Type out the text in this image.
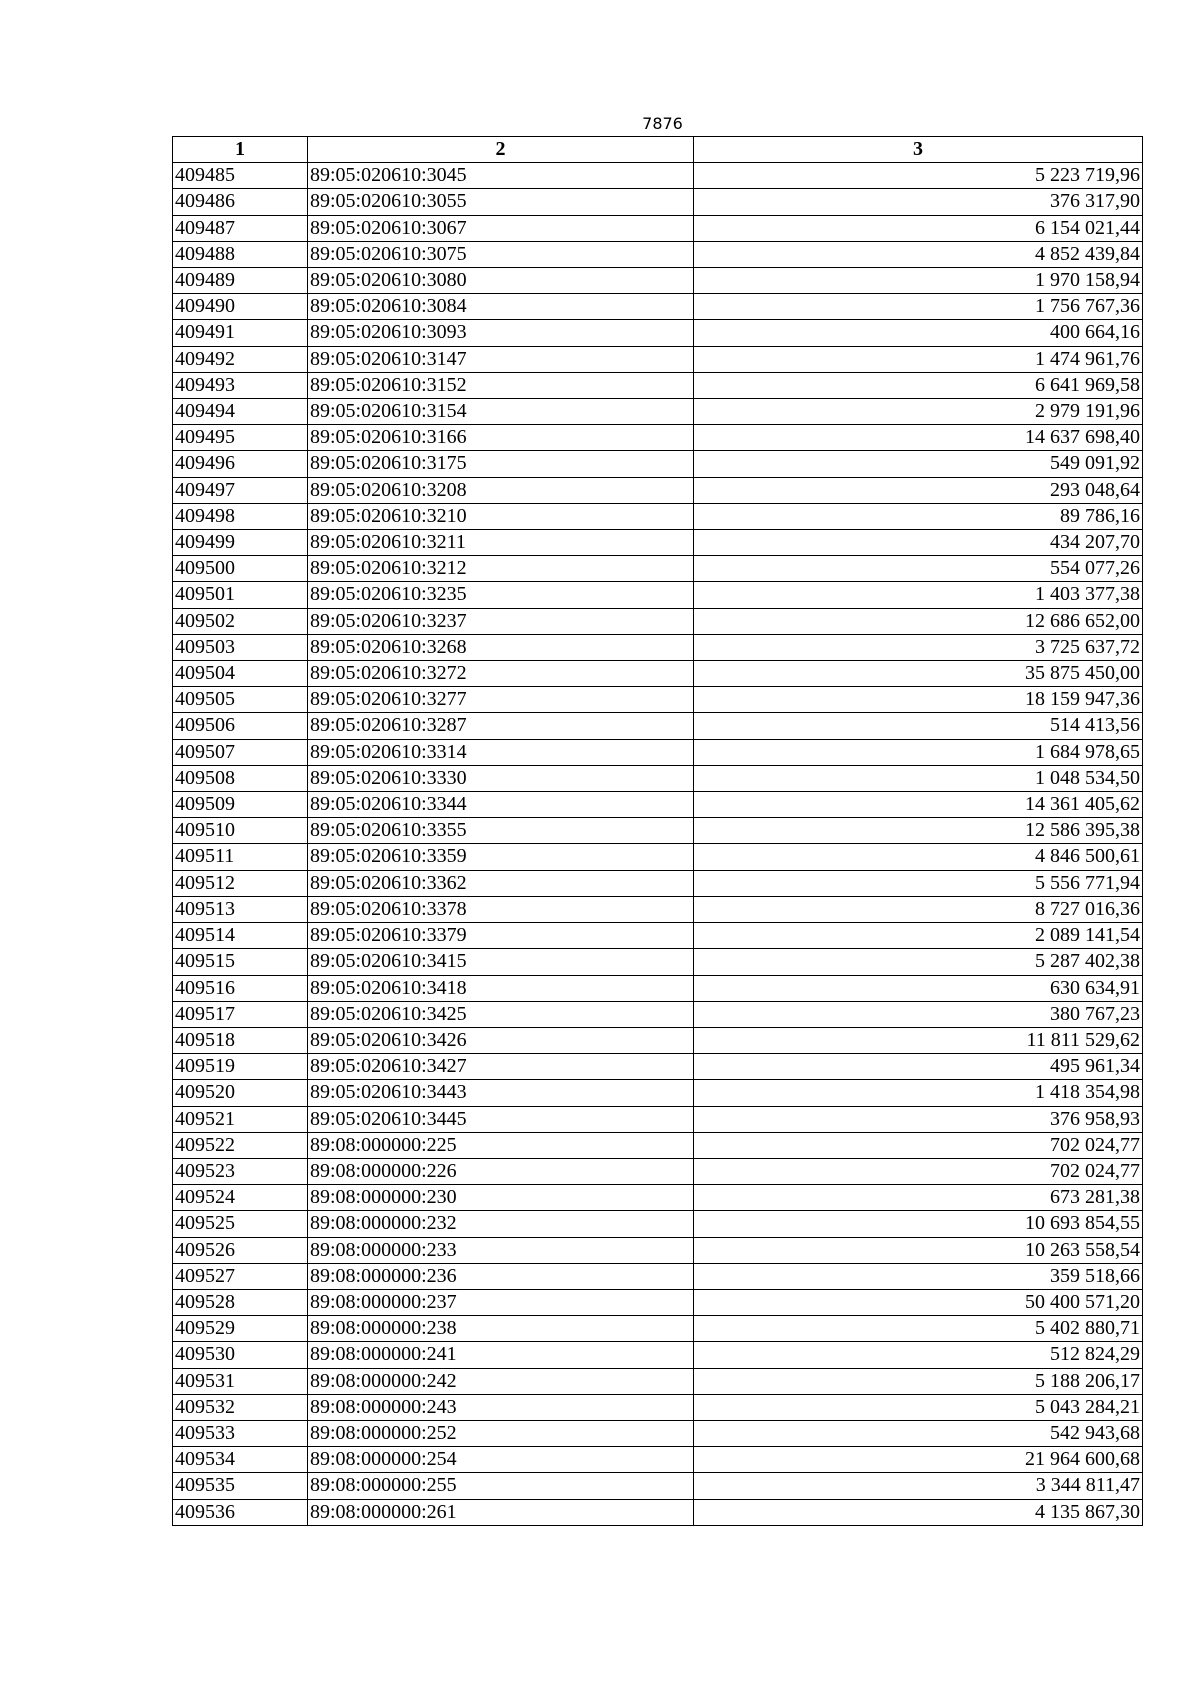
7876
1	2	3
409485	89:05:020610:3045	5 223 719,96
409486	89:05:020610:3055	376 317,90
409487	89:05:020610:3067	6 154 021,44
409488	89:05:020610:3075	4 852 439,84
409489	89:05:020610:3080	1 970 158,94
409490	89:05:020610:3084	1 756 767,36
409491	89:05:020610:3093	400 664,16
409492	89:05:020610:3147	1 474 961,76
409493	89:05:020610:3152	6 641 969,58
409494	89:05:020610:3154	2 979 191,96
409495	89:05:020610:3166	14 637 698,40
409496	89:05:020610:3175	549 091,92
409497	89:05:020610:3208	293 048,64
409498	89:05:020610:3210	89 786,16
409499	89:05:020610:3211	434 207,70
409500	89:05:020610:3212	554 077,26
409501	89:05:020610:3235	1 403 377,38
409502	89:05:020610:3237	12 686 652,00
409503	89:05:020610:3268	3 725 637,72
409504	89:05:020610:3272	35 875 450,00
409505	89:05:020610:3277	18 159 947,36
409506	89:05:020610:3287	514 413,56
409507	89:05:020610:3314	1 684 978,65
409508	89:05:020610:3330	1 048 534,50
409509	89:05:020610:3344	14 361 405,62
409510	89:05:020610:3355	12 586 395,38
409511	89:05:020610:3359	4 846 500,61
409512	89:05:020610:3362	5 556 771,94
409513	89:05:020610:3378	8 727 016,36
409514	89:05:020610:3379	2 089 141,54
409515	89:05:020610:3415	5 287 402,38
409516	89:05:020610:3418	630 634,91
409517	89:05:020610:3425	380 767,23
409518	89:05:020610:3426	11 811 529,62
409519	89:05:020610:3427	495 961,34
409520	89:05:020610:3443	1 418 354,98
409521	89:05:020610:3445	376 958,93
409522	89:08:000000:225	702 024,77
409523	89:08:000000:226	702 024,77
409524	89:08:000000:230	673 281,38
409525	89:08:000000:232	10 693 854,55
409526	89:08:000000:233	10 263 558,54
409527	89:08:000000:236	359 518,66
409528	89:08:000000:237	50 400 571,20
409529	89:08:000000:238	5 402 880,71
409530	89:08:000000:241	512 824,29
409531	89:08:000000:242	5 188 206,17
409532	89:08:000000:243	5 043 284,21
409533	89:08:000000:252	542 943,68
409534	89:08:000000:254	21 964 600,68
409535	89:08:000000:255	3 344 811,47
409536	89:08:000000:261	4 135 867,30
